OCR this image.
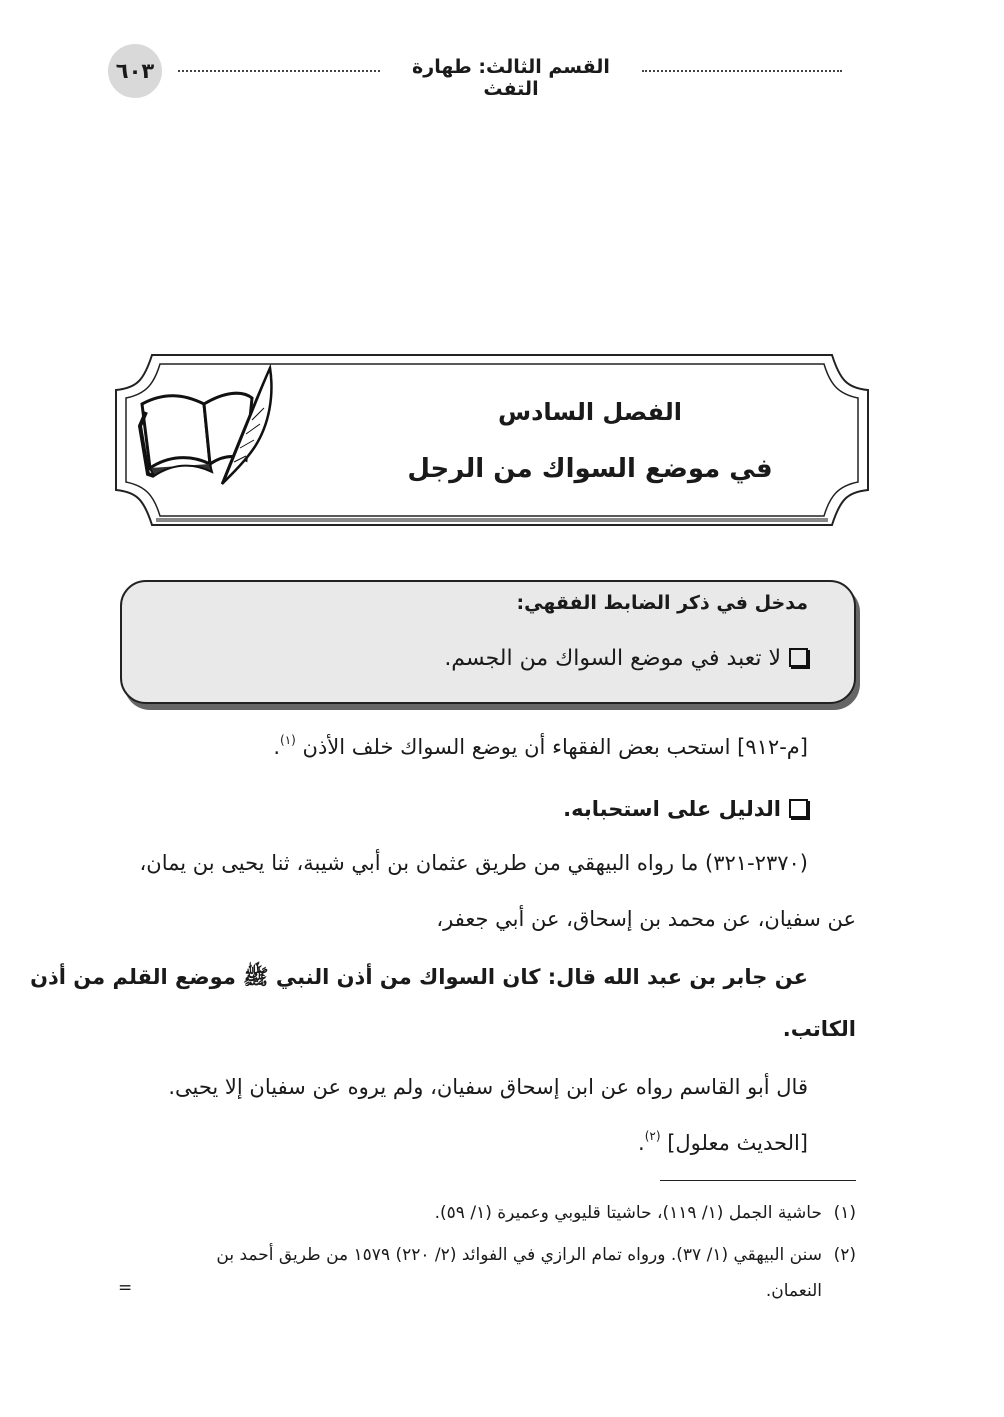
٦٠٣	القسم الثالث: طهارة التفث
الفصل السادس
في موضع السواك من الرجل
مدخل في ذكر الضابط الفقهي:
لا تعبد في موضع السواك من الجسم.
[م-٩١٢] استحب بعض الفقهاء أن يوضع السواك خلف الأذن $^{(١)}$.
الدليل على استحبابه.
(٢٣٧٠-٣٢١) ما رواه البيهقي من طريق عثمان بن أبي شيبة، ثنا يحيى بن يمان،
عن سفيان، عن محمد بن إسحاق، عن أبي جعفر،
عن جابر بن عبد الله قال: كان السواك من أذن النبي ﷺ موضع القلم من أذن
الكاتب.
قال أبو القاسم رواه عن ابن إسحاق سفيان، ولم يروه عن سفيان إلا يحيى.
[الحديث معلول] $^{(٢)}$.
(١)حاشية الجمل (١/ ١١٩)، حاشيتا قليوبي وعميرة (١/ ٥٩).
(٢)سنن البيهقي (١/ ٣٧). ورواه تمام الرازي في الفوائد (٢/ ٢٢٠) ١٥٧٩ من طريق أحمد بن
النعمان.
=
